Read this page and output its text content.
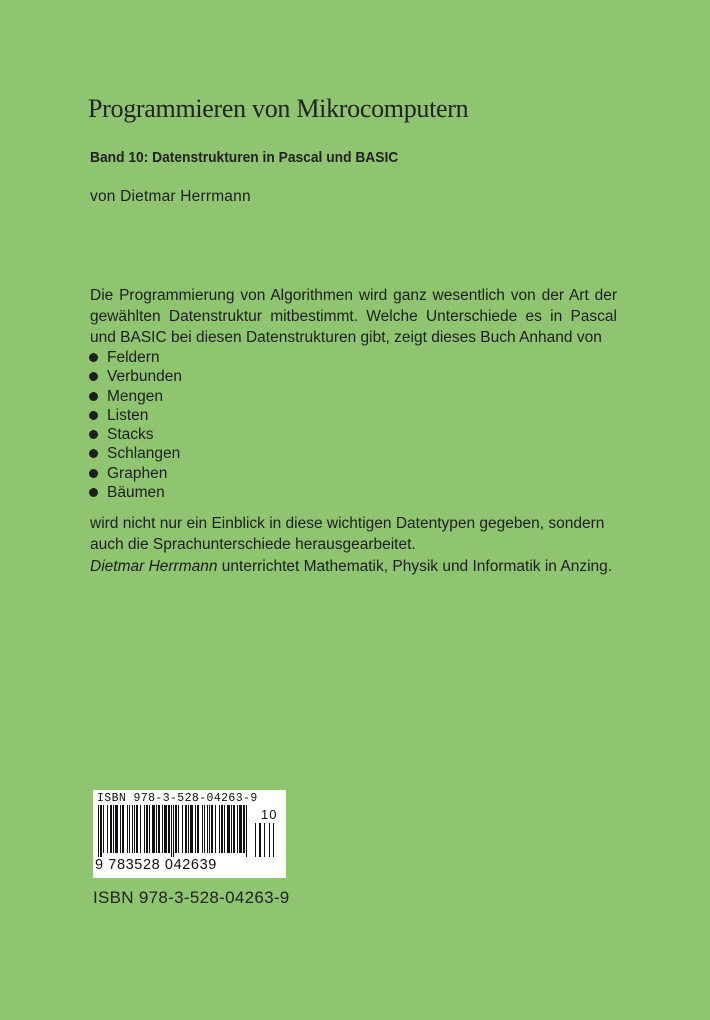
Programmieren von Mikrocomputern
Band 10: Datenstrukturen in Pascal und BASIC
von Dietmar Herrmann

Die Programmierung von Algorithmen wird ganz wesentlich von der Art der gewählten Datenstruktur mitbestimmt. Welche Unterschiede es in Pascal und BASIC bei diesen Datenstrukturen gibt, zeigt dieses Buch Anhand von

Feldern
Verbunden
Mengen
Listen
Stacks
Schlangen
Graphen
Bäumen

wird nicht nur ein Einblick in diese wichtigen Datentypen gegeben, sondern auch die Sprachunterschiede herausgearbeitet.

Dietmar Herrmann unterrichtet Mathematik, Physik und Informatik in Anzing.

ISBN 978-3-528-04263-9
10
9 783528 042639
ISBN 978-3-528-04263-9
